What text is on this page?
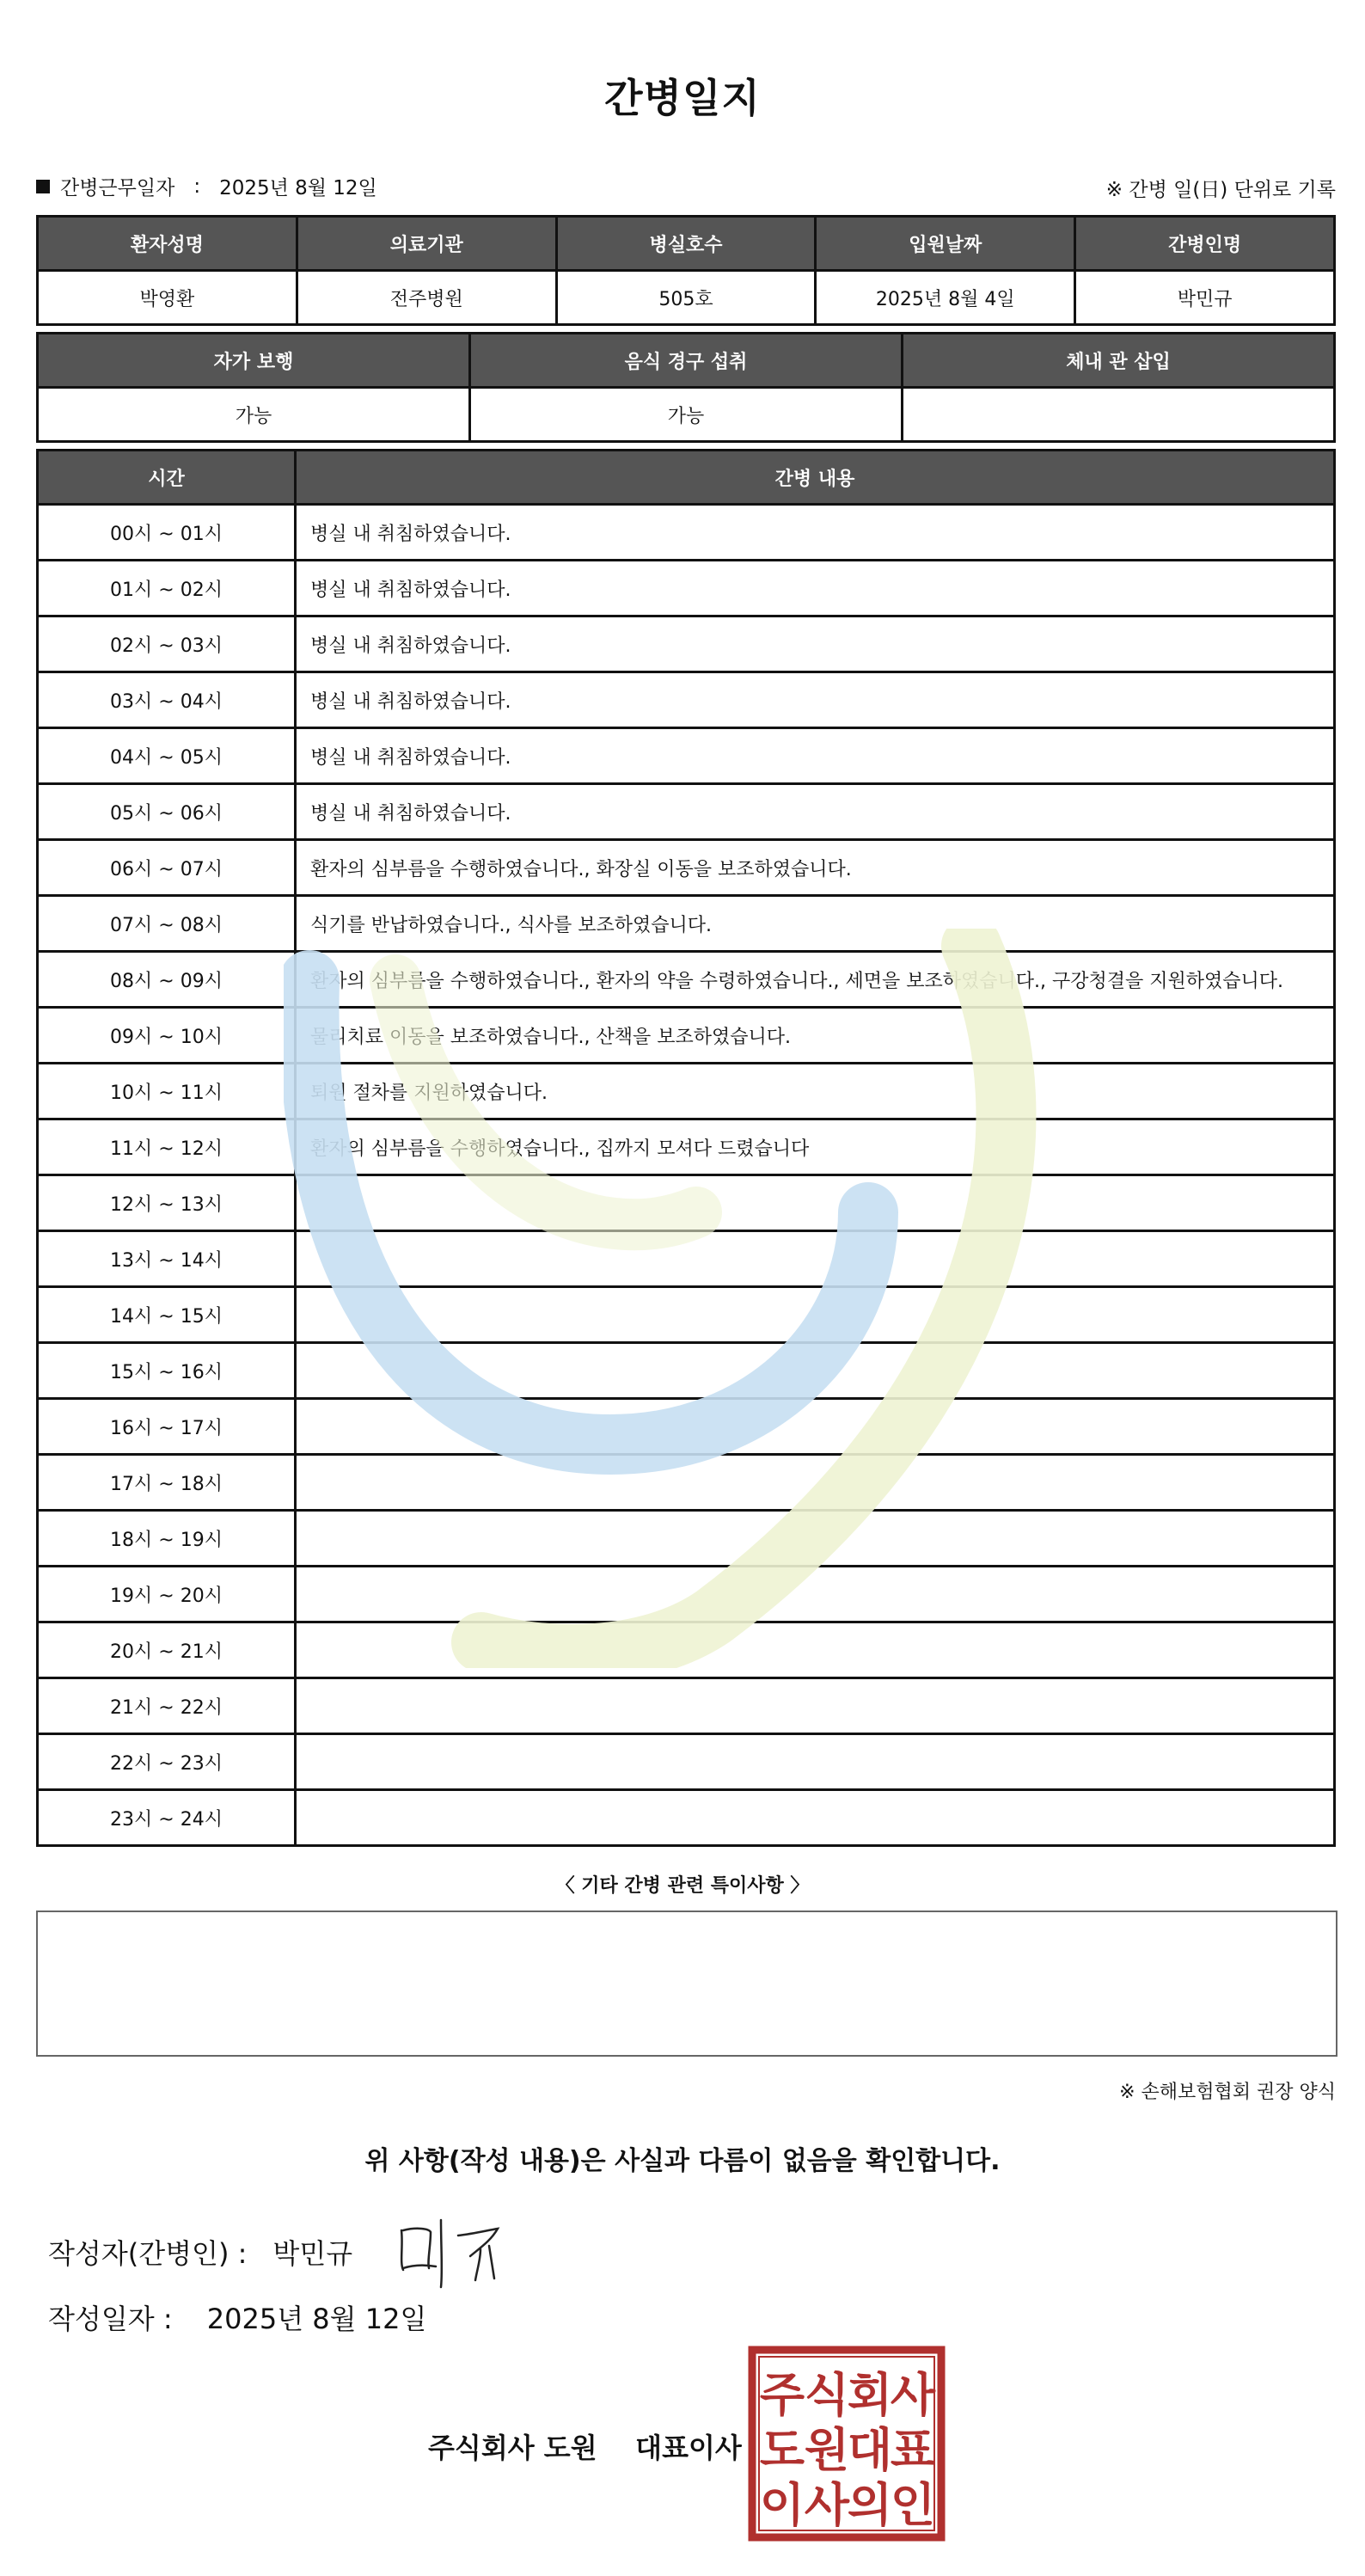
간병일지
간병근무일자 : 2025년 8월 12일	※ 간병 일(日) 단위로 기록
환자성명	의료기관	병실호수	입원날짜	간병인명
박영환	전주병원	505호	2025년 8월 4일	박민규
자가 보행	음식 경구 섭취	체내 관 삽입
가능	가능	
시간	간병 내용
00시 ~ 01시	병실 내 취침하였습니다.
01시 ~ 02시	병실 내 취침하였습니다.
02시 ~ 03시	병실 내 취침하였습니다.
03시 ~ 04시	병실 내 취침하였습니다.
04시 ~ 05시	병실 내 취침하였습니다.
05시 ~ 06시	병실 내 취침하였습니다.
06시 ~ 07시	환자의 심부름을 수행하였습니다., 화장실 이동을 보조하였습니다.
07시 ~ 08시	식기를 반납하였습니다., 식사를 보조하였습니다.
08시 ~ 09시	환자의 심부름을 수행하였습니다., 환자의 약을 수령하였습니다., 세면을 보조하였습니다., 구강청결을 지원하였습니다.
09시 ~ 10시	물리치료 이동을 보조하였습니다., 산책을 보조하였습니다.
10시 ~ 11시	퇴원 절차를 지원하였습니다.
11시 ~ 12시	환자의 심부름을 수행하였습니다., 집까지 모셔다 드렸습니다
12시 ~ 13시	
13시 ~ 14시	
14시 ~ 15시	
15시 ~ 16시	
16시 ~ 17시	
17시 ~ 18시	
18시 ~ 19시	
19시 ~ 20시	
20시 ~ 21시	
21시 ~ 22시	
22시 ~ 23시	
23시 ~ 24시	
〈 기타 간병 관련 특이사항 〉
※ 손해보험협회 권장 양식
위 사항(작성 내용)은 사실과 다름이 없음을 확인합니다.
작성자(간병인) : 박민규
작성일자 : 2025년 8월 12일
주식회사 도원    대표이사
주 식
회
사
도 원
대
표
이 사
의
인
